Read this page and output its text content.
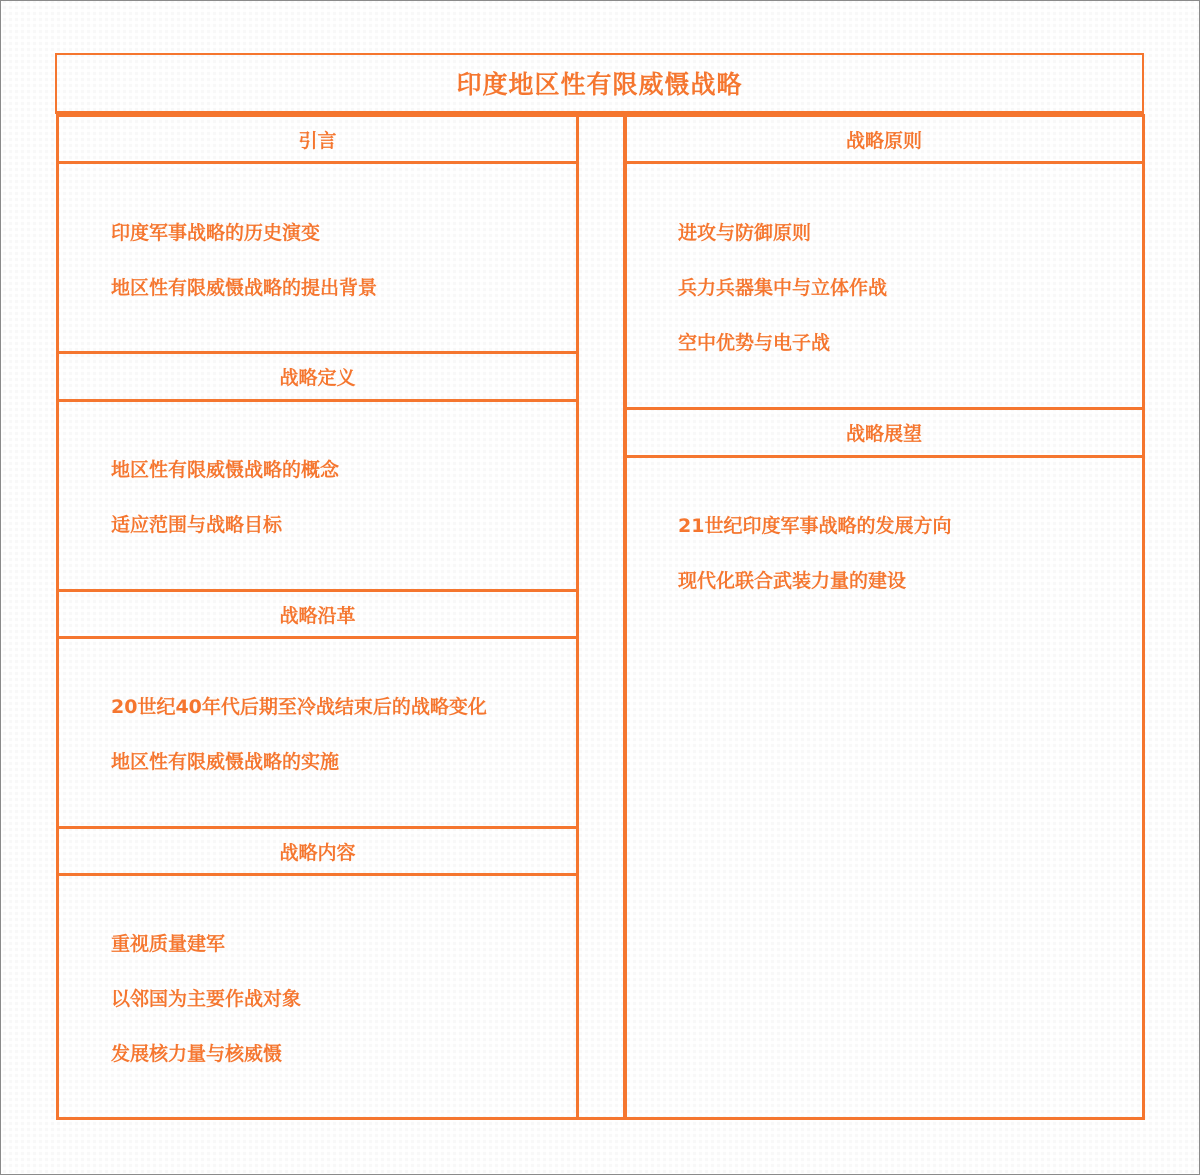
印度地区性有限威慑战略
引言
印度军事战略的历史演变
地区性有限威慑战略的提出背景
战略定义
地区性有限威慑战略的概念
适应范围与战略目标
战略沿革
20世纪40年代后期至冷战结束后的战略变化
地区性有限威慑战略的实施
战略内容
重视质量建军
以邻国为主要作战对象
发展核力量与核威慑
战略原则
进攻与防御原则
兵力兵器集中与立体作战
空中优势与电子战
战略展望
21世纪印度军事战略的发展方向
现代化联合武装力量的建设
